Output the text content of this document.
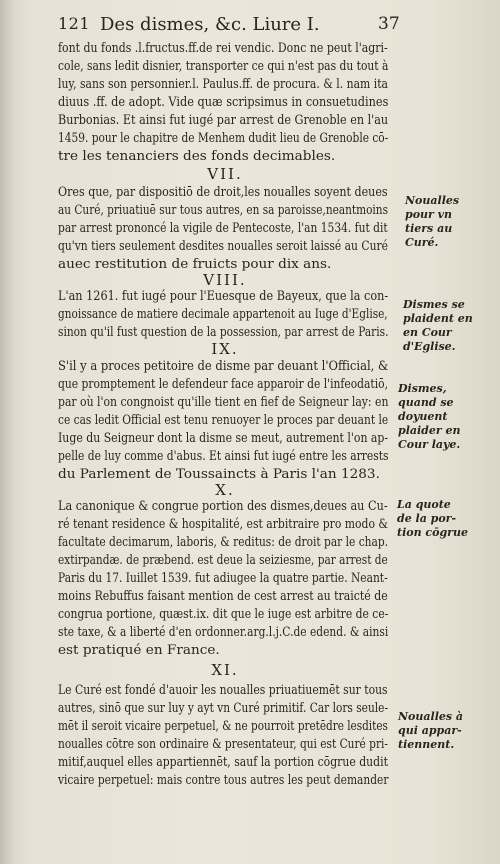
121 Des dismes, &c. Liure I.	37
font du fonds .l.fructus.ff.de rei vendic. Donc ne peut l'agri-
cole, sans ledit disnier, transporter ce qui n'est pas du tout à
luy, sans son personnier.l. Paulus.ff. de procura. & l. nam ita
diuus .ff. de adopt. Vide quæ scripsimus in consuetudines
Burbonias. Et ainsi fut iugé par arrest de Grenoble en l'au
1459. pour le chapitre de Menhem dudit lieu de Grenoble cō-
tre les tenanciers des fonds decimables.
VII.
Ores que, par dispositiō de droit,les noualles soyent deues
au Curé, priuatiuē sur tous autres, en sa paroisse,neantmoins
par arrest prononcé la vigile de Pentecoste, l'an 1534. fut dit
qu'vn tiers seulement desdites noualles seroit laissé au Curé
auec restitution de fruicts pour dix ans.
VIII.
L'an 1261. fut iugé pour l'Euesque de Bayeux, que la con-
gnoissance de matiere decimale appartenoit au Iuge d'Eglise,
sinon qu'il fust question de la possession, par arrest de Paris.
IX.
S'il y a proces petitoire de disme par deuant l'Official, &
que promptement le defendeur face apparoir de l'infeodatiō,
par où l'on congnoist qu'ille tient en fief de Seigneur lay: en
ce cas ledit Official est tenu renuoyer le proces par deuant le
Iuge du Seigneur dont la disme se meut, autrement l'on ap-
pelle de luy comme d'abus. Et ainsi fut iugé entre les arrests
du Parlement de Toussaincts à Paris l'an 1283.
X.
La canonique & congrue portion des dismes,deues au Cu-
ré tenant residence & hospitalité, est arbitraire pro modo &
facultate decimarum, laboris, & reditus: de droit par le chap.
extirpandæ. de præbend. est deue la seiziesme, par arrest de
Paris du 17. Iuillet 1539. fut adiugee la quatre partie. Neant-
moins Rebuffus faisant mention de cest arrest au traicté de
congrua portione, quæst.ix. dit que le iuge est arbitre de ce-
ste taxe, & a liberté d'en ordonner.arg.l.j.C.de edend. & ainsi
est pratiqué en France.
XI.
Le Curé est fondé d'auoir les noualles priuatiuemēt sur tous
autres, sinō que sur luy y ayt vn Curé primitif. Car lors seule-
mēt il seroit vicaire perpetuel, & ne pourroit pretēdre lesdites
noualles cōtre son ordinaire & presentateur, qui est Curé pri-
mitif,auquel elles appartiennēt, sauf la portion cōgrue dudit
vicaire perpetuel: mais contre tous autres les peut demander
Noualles
pour vn
tiers au
Curé.
Dismes se
plaident en
en Cour
d'Eglise.
Dismes,
quand se
doyuent
plaider en
Cour laye.
La quote
de la por-
tion cōgrue
Noualles à
qui appar-
tiennent.
